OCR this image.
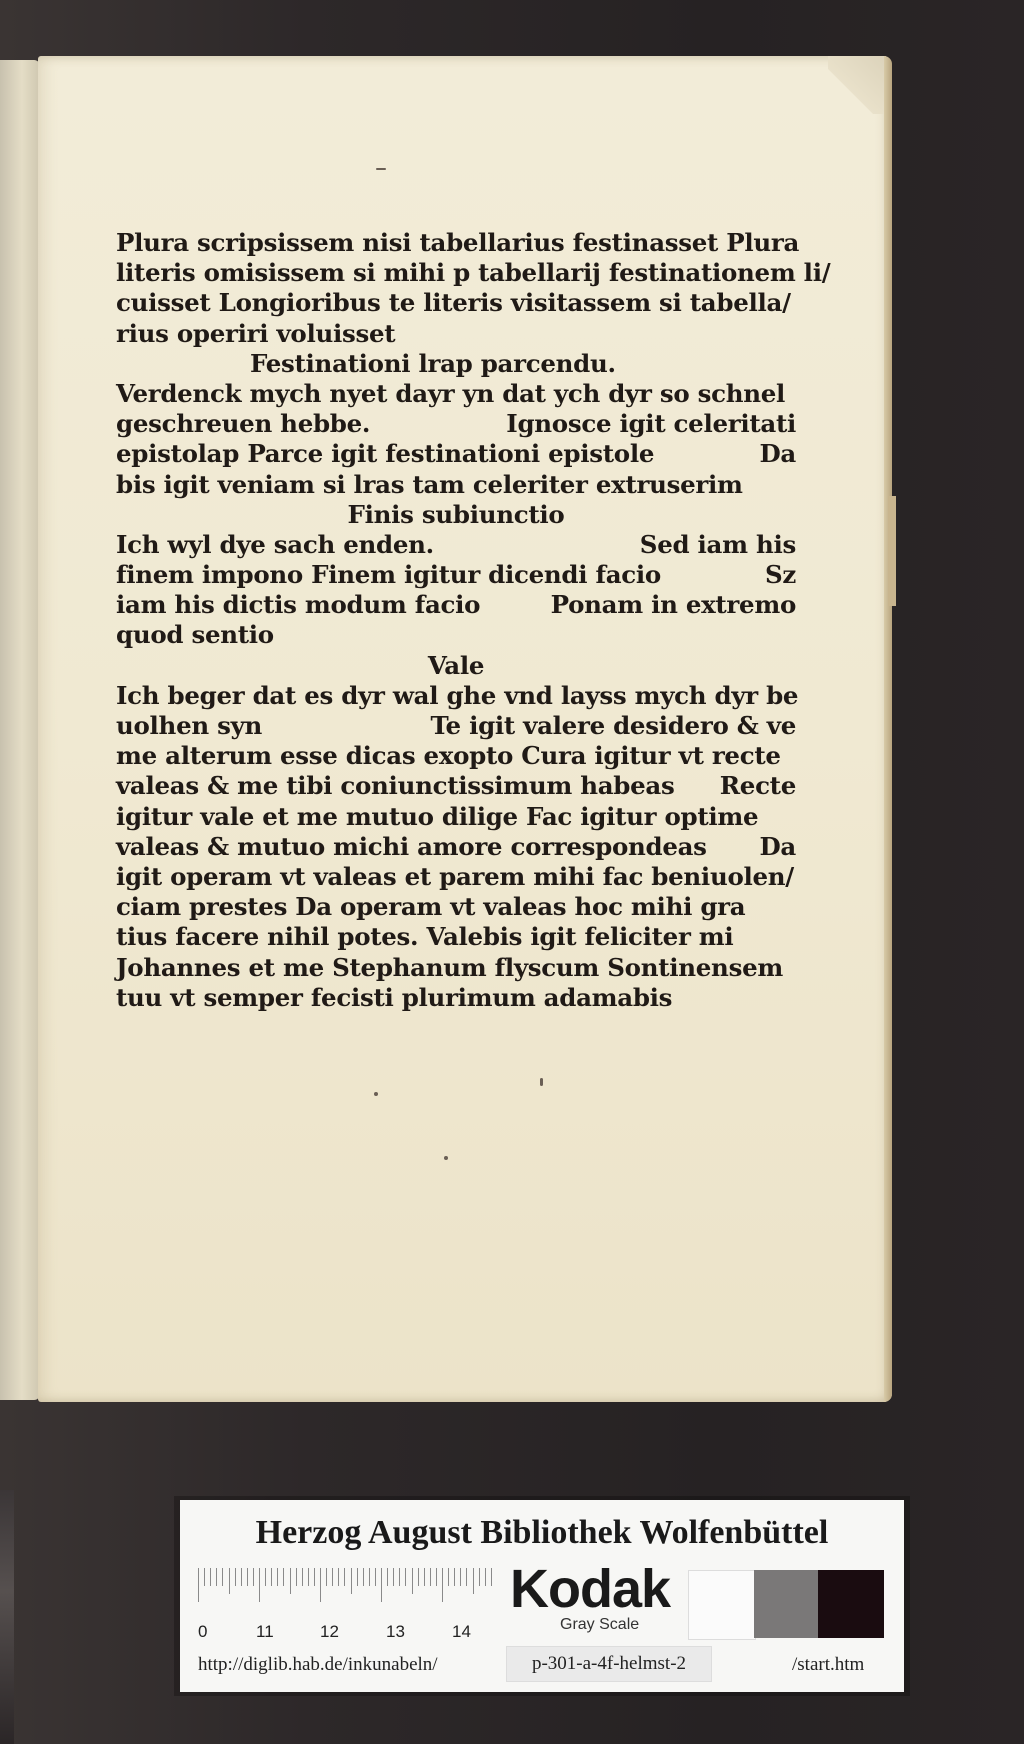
Plura scripsissem nisi tabellarius festinasset Plura
literis omisissem si mihi p tabellarij festinationem li/
cuisset Longioribus te literis visitassem si tabella/
rius operiri voluisset
Festinationi lrap parcendu.
Verdenck mych nyet dayr yn dat ych dyr so schnel
geschreuen hebbe.	Ignosce igit celeritati
epistolap Parce igit festinationi epistole	Da
bis igit veniam si lras tam celeriter extruserim
Finis subiunctio
Ich wyl dye sach enden.	Sed iam his
finem impono Finem igitur dicendi facio	Sz
iam his dictis modum facio	Ponam in extremo
quod sentio
Vale
Ich beger dat es dyr wal ghe vnd layss mych dyr be
uolhen syn	Te igit valere desidero & ve
me alterum esse dicas exopto Cura igitur vt recte
valeas & me tibi coniunctissimum habeas Recte
igitur vale et me mutuo dilige Fac igitur optime
valeas & mutuo michi amore correspondeas Da
igit operam vt valeas et parem mihi fac beniuolen/
ciam prestes Da operam vt valeas hoc mihi gra
tius facere nihil potes. Valebis igit feliciter mi
Johannes et me Stephanum flyscum Sontinensem
tuu vt semper fecisti plurimum adamabis
Herzog August Bibliothek Wolfenbüttel
0	11	12	13	14
Kodak
Gray Scale
http://diglib.hab.de/inkunabeln/	p-301-a-4f-helmst-2	/start.htm
